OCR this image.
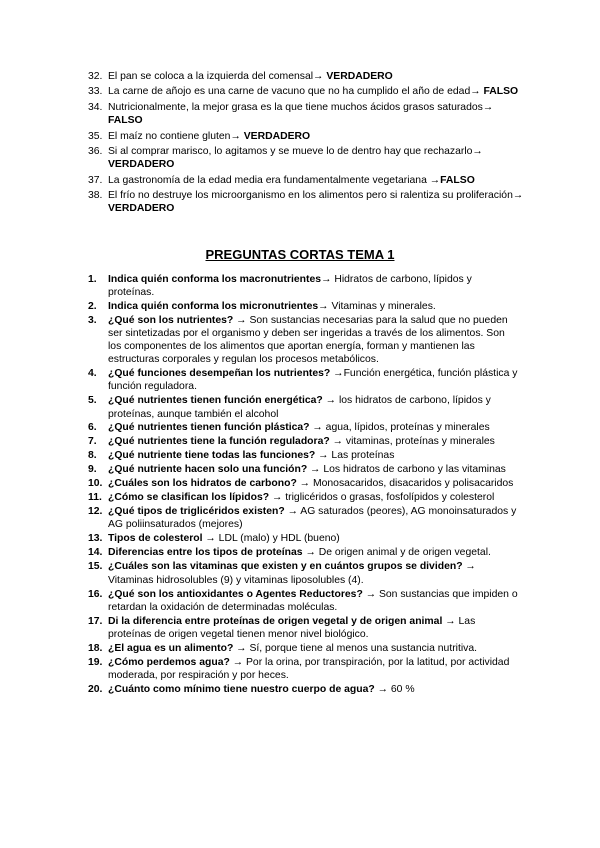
32. El pan se coloca a la izquierda del comensal→ VERDADERO
33. La carne de añojo es una carne de vacuno que no ha cumplido el año de edad→ FALSO
34. Nutricionalmente, la mejor grasa es la que tiene muchos ácidos grasos saturados→ FALSO
35. El maíz no contiene gluten→ VERDADERO
36. Si al comprar marisco, lo agitamos y se mueve lo de dentro hay que rechazarlo→ VERDADERO
37. La gastronomía de la edad media era fundamentalmente vegetariana →FALSO
38. El frío no destruye los microorganismo en los alimentos pero si ralentiza su proliferación→ VERDADERO
PREGUNTAS CORTAS TEMA 1
1.	Indica quién conforma los macronutrientes→ Hidratos de carbono, lípidos y proteínas.
2.	Indica quién conforma los micronutrientes→ Vitaminas y minerales.
3.	¿Qué son los nutrientes? → Son sustancias necesarias para la salud que no pueden ser sintetizadas por el organismo y deben ser ingeridas a través de los alimentos. Son los componentes de los alimentos que aportan energía, forman y mantienen las estructuras corporales y regulan los procesos metabólicos.
4.	¿Qué funciones desempeñan los nutrientes? →Función energética, función plástica y función reguladora.
5.	¿Qué nutrientes tienen función energética? → los hidratos de carbono, lípidos y proteínas, aunque también el alcohol
6.	¿Qué nutrientes tienen función plástica? → agua, lípidos, proteínas y minerales
7.	¿Qué nutrientes tiene la función reguladora? → vitaminas, proteínas y minerales
8.	¿Qué nutriente tiene todas las funciones? → Las proteínas
9.	¿Qué nutriente hacen solo una función? → Los hidratos de carbono y las vitaminas
10. ¿Cuáles son los hidratos de carbono? → Monosacaridos, disacaridos y polisacaridos
11. ¿Cómo se clasifican los lípidos? → triglicéridos o grasas, fosfolípidos y colesterol
12. ¿Qué tipos de triglicéridos existen? → AG saturados (peores), AG monoinsaturados y AG poliinsaturados (mejores)
13. Tipos de colesterol → LDL (malo) y HDL (bueno)
14. Diferencias entre los tipos de proteínas → De origen animal y de origen vegetal.
15. ¿Cuáles son las vitaminas que existen y en cuántos grupos se dividen? → Vitaminas hidrosolubles (9) y vitaminas liposolubles (4).
16. ¿Qué son los antioxidantes o Agentes Reductores? → Son sustancias que impiden o retardan la oxidación de determinadas moléculas.
17. Di la diferencia entre proteínas de origen vegetal y de origen animal → Las proteínas de origen vegetal tienen menor nivel biológico.
18. ¿El agua es un alimento? → Sí, porque tiene al menos una sustancia nutritiva.
19. ¿Cómo perdemos agua? → Por la orina, por transpiración, por la latitud, por actividad moderada, por respiración y por heces.
20. ¿Cuánto como mínimo tiene nuestro cuerpo de agua? → 60 %
